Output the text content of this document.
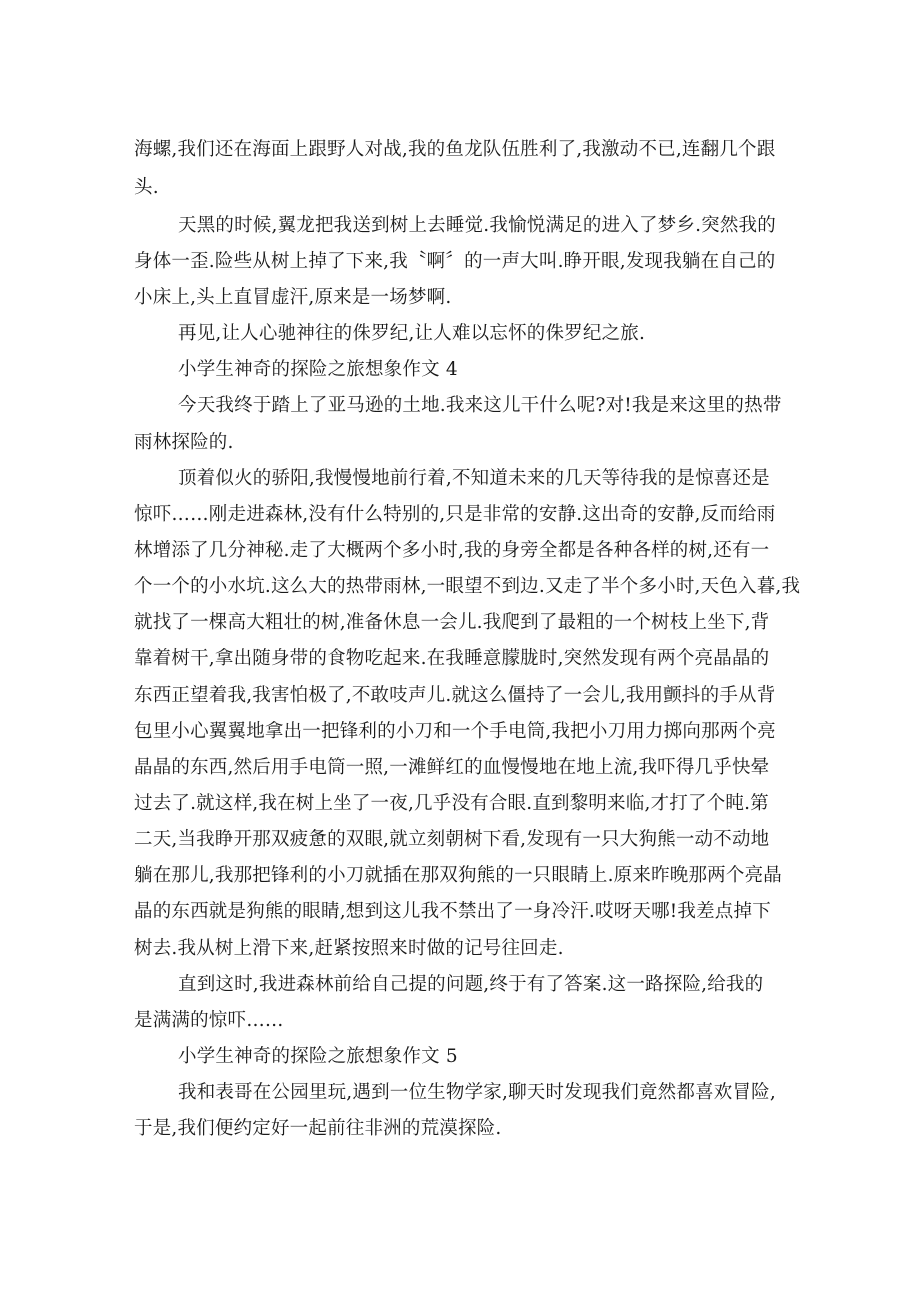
海螺,我们还在海面上跟野人对战,我的鱼龙队伍胜利了,我激动不已,连翻几个跟
头.
天黑的时候,翼龙把我送到树上去睡觉.我愉悦满足的进入了梦乡.突然我的
身体一歪.险些从树上掉了下来,我〝啊〞的一声大叫.睁开眼,发现我躺在自己的
小床上,头上直冒虚汗,原来是一场梦啊.
再见,让人心驰神往的侏罗纪,让人难以忘怀的侏罗纪之旅.
小学生神奇的探险之旅想象作文 4
今天我终于踏上了亚马逊的土地.我来这儿干什么呢?对!我是来这里的热带
雨林探险的.
顶着似火的骄阳,我慢慢地前行着,不知道未来的几天等待我的是惊喜还是
惊吓……刚走进森林,没有什么特别的,只是非常的安静.这出奇的安静,反而给雨
林增添了几分神秘.走了大概两个多小时,我的身旁全都是各种各样的树,还有一
个一个的小水坑.这么大的热带雨林,一眼望不到边.又走了半个多小时,天色入暮,我
就找了一棵高大粗壮的树,准备休息一会儿.我爬到了最粗的一个树枝上坐下,背
靠着树干,拿出随身带的食物吃起来.在我睡意朦胧时,突然发现有两个亮晶晶的
东西正望着我,我害怕极了,不敢吱声儿.就这么僵持了一会儿,我用颤抖的手从背
包里小心翼翼地拿出一把锋利的小刀和一个手电筒,我把小刀用力掷向那两个亮
晶晶的东西,然后用手电筒一照,一滩鲜红的血慢慢地在地上流,我吓得几乎快晕
过去了.就这样,我在树上坐了一夜,几乎没有合眼.直到黎明来临,才打了个盹.第
二天,当我睁开那双疲惫的双眼,就立刻朝树下看,发现有一只大狗熊一动不动地
躺在那儿,我那把锋利的小刀就插在那双狗熊的一只眼睛上.原来昨晚那两个亮晶
晶的东西就是狗熊的眼睛,想到这儿我不禁出了一身冷汗.哎呀天哪!我差点掉下
树去.我从树上滑下来,赶紧按照来时做的记号往回走.
直到这时,我进森林前给自己提的问题,终于有了答案.这一路探险,给我的
是满满的惊吓……
小学生神奇的探险之旅想象作文 5
我和表哥在公园里玩,遇到一位生物学家,聊天时发现我们竟然都喜欢冒险,
于是,我们便约定好一起前往非洲的荒漠探险.
